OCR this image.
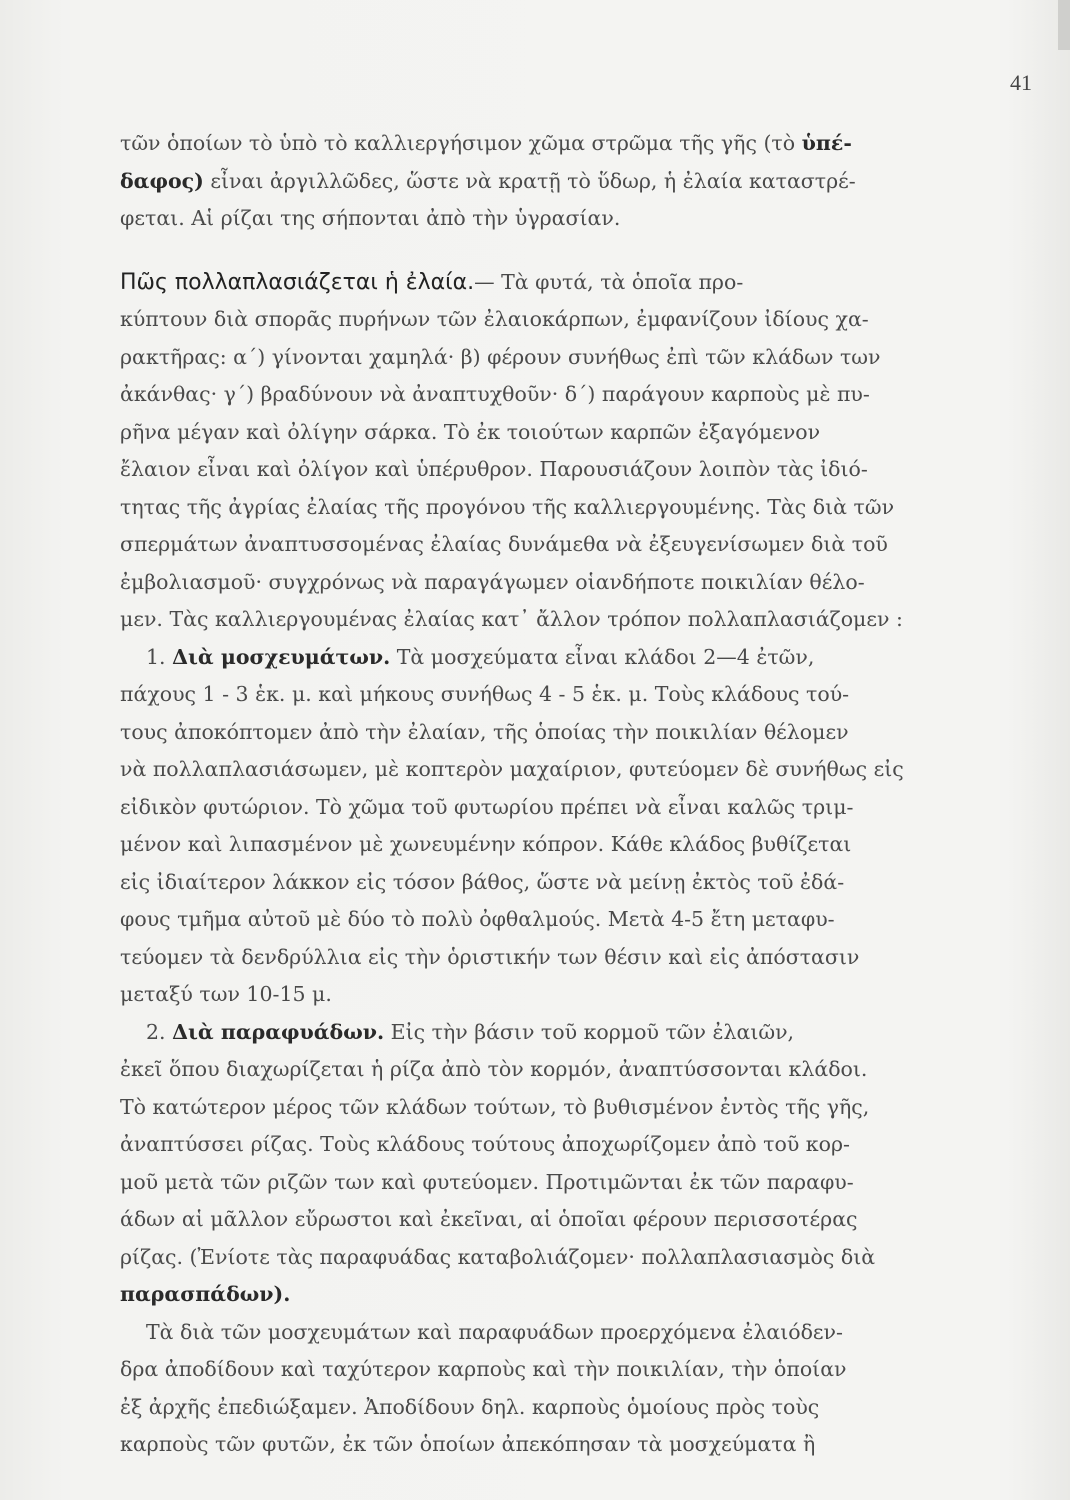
41
τῶν ὁποίων τὸ ὑπὸ τὸ καλλιεργήσιμον χῶμα στρῶμα τῆς γῆς (τὸ ὑπέ-
δαφος) εἶναι ἀργιλλῶδες, ὥστε νὰ κρατῇ τὸ ὕδωρ, ἡ ἐλαία καταστρέ-
φεται. Αἱ ρίζαι της σήπονται ἀπὸ τὴν ὑγρασίαν.
Πῶς πολλαπλασιάζεται ἡ ἐλαία.— Τὰ φυτά, τὰ ὁποῖα προ-
κύπτουν διὰ σπορᾶς πυρήνων τῶν ἐλαιοκάρπων, ἐμφανίζουν ἰδίους χα-
ρακτῆρας: α΄) γίνονται χαμηλά· β) φέρουν συνήθως ἐπὶ τῶν κλάδων των
ἀκάνθας· γ΄) βραδύνουν νὰ ἀναπτυχθοῦν· δ΄) παράγουν καρποὺς μὲ πυ-
ρῆνα μέγαν καὶ ὀλίγην σάρκα. Τὸ ἐκ τοιούτων καρπῶν ἐξαγόμενον
ἔλαιον εἶναι καὶ ὀλίγον καὶ ὑπέρυθρον. Παρουσιάζουν λοιπὸν τὰς ἰδιό-
τητας τῆς ἀγρίας ἐλαίας τῆς προγόνου τῆς καλλιεργουμένης. Τὰς διὰ τῶν
σπερμάτων ἀναπτυσσομένας ἐλαίας δυνάμεθα νὰ ἐξευγενίσωμεν διὰ τοῦ
ἐμβολιασμοῦ· συγχρόνως νὰ παραγάγωμεν οἱανδήποτε ποικιλίαν θέλο-
μεν. Τὰς καλλιεργουμένας ἐλαίας κατ᾽ ἄλλον τρόπον πολλαπλασιάζομεν :
1. Διὰ μοσχευμάτων. Τὰ μοσχεύματα εἶναι κλάδοι 2—4 ἐτῶν,
πάχους 1 - 3 ἑκ. μ. καὶ μήκους συνήθως 4 - 5 ἑκ. μ. Τοὺς κλάδους τού-
τους ἀποκόπτομεν ἀπὸ τὴν ἐλαίαν, τῆς ὁποίας τὴν ποικιλίαν θέλομεν
νὰ πολλαπλασιάσωμεν, μὲ κοπτερὸν μαχαίριον, φυτεύομεν δὲ συνήθως εἰς
εἰδικὸν φυτώριον. Τὸ χῶμα τοῦ φυτωρίου πρέπει νὰ εἶναι καλῶς τριμ-
μένον καὶ λιπασμένον μὲ χωνευμένην κόπρον. Κάθε κλάδος βυθίζεται
εἰς ἰδιαίτερον λάκκον εἰς τόσον βάθος, ὥστε νὰ μείνῃ ἐκτὸς τοῦ ἐδά-
φους τμῆμα αὐτοῦ μὲ δύο τὸ πολὺ ὀφθαλμούς. Μετὰ 4-5 ἔτη μεταφυ-
τεύομεν τὰ δενδρύλλια εἰς τὴν ὁριστικήν των θέσιν καὶ εἰς ἀπόστασιν
μεταξύ των 10-15 μ.
2. Διὰ παραφυάδων. Εἰς τὴν βάσιν τοῦ κορμοῦ τῶν ἐλαιῶν,
ἐκεῖ ὅπου διαχωρίζεται ἡ ρίζα ἀπὸ τὸν κορμόν, ἀναπτύσσονται κλάδοι.
Τὸ κατώτερον μέρος τῶν κλάδων τούτων, τὸ βυθισμένον ἐντὸς τῆς γῆς,
ἀναπτύσσει ρίζας. Τοὺς κλάδους τούτους ἀποχωρίζομεν ἀπὸ τοῦ κορ-
μοῦ μετὰ τῶν ριζῶν των καὶ φυτεύομεν. Προτιμῶνται ἐκ τῶν παραφυ-
άδων αἱ μᾶλλον εὔρωστοι καὶ ἐκεῖναι, αἱ ὁποῖαι φέρουν περισσοτέρας
ρίζας. (Ἐνίοτε τὰς παραφυάδας καταβολιάζομεν· πολλαπλασιασμὸς διὰ
παρασπάδων).
Τὰ διὰ τῶν μοσχευμάτων καὶ παραφυάδων προερχόμενα ἐλαιόδεν-
δρα ἀποδίδουν καὶ ταχύτερον καρποὺς καὶ τὴν ποικιλίαν, τὴν ὁποίαν
ἐξ ἀρχῆς ἐπεδιώξαμεν. Ἀποδίδουν δηλ. καρποὺς ὁμοίους πρὸς τοὺς
καρποὺς τῶν φυτῶν, ἐκ τῶν ὁποίων ἀπεκόπησαν τὰ μοσχεύματα ἢ
